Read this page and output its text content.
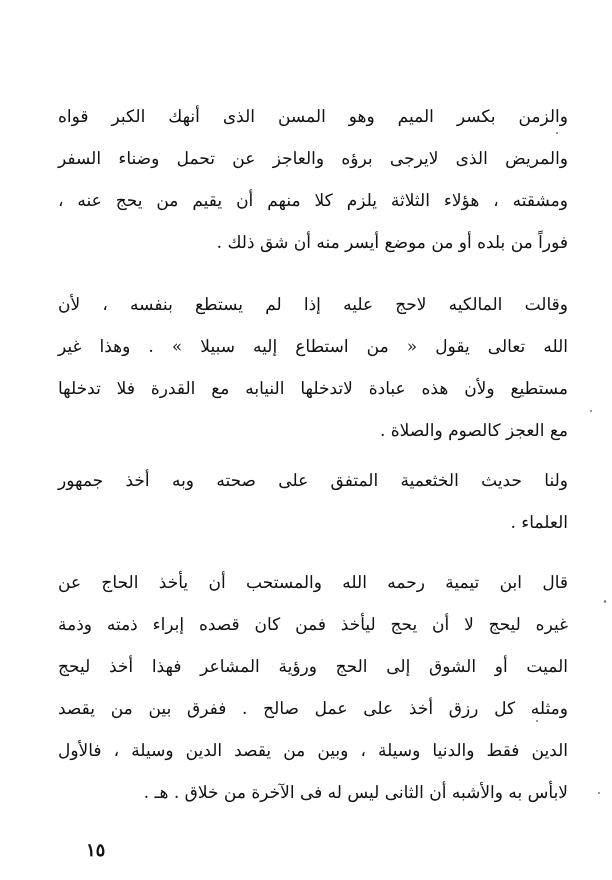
والزمن بكسر الميم وهو المسن الذى أنهك الكبر قواه
والمريض الذى لايرجى برؤه والعاجز عن تحمل وضناء السفر
ومشقته ، هؤلاء الثلاثة يلزم كلا منهم أن يقيم من يحج عنه ،
فوراً من بلده أو من موضع أيسر منه أن شق ذلك .
وقالت المالكيه لاحج عليه إذا لم يستطع بنفسه ، لأن
الله تعالى يقول « من استطاع إليه سبيلا » . وهذا غير
مستطيع ولأن هذه عبادة لاتدخلها النيابه مع القدرة فلا تدخلها
مع العجز كالصوم والصلاة .
ولنا حديث الخثعمية المتفق على صحته وبه أخذ جمهور
العلماء .
قال ابن تيمية رحمه الله والمستحب أن يأخذ الحاج عن
غيره ليحج لا أن يحج ليأخذ فمن كان قصده إبراء ذمته وذمة
الميت أو الشوق إلى الحج ورؤية المشاعر فهذا أخذ ليحج
ومثله كل رزق أخذ على عمل صالح . ففرق بين من يقصد
الدين فقط والدنيا وسيلة ، وبين من يقصد الدين وسيلة ، فالأول
لابأس به والأشبه أن الثانى ليس له فى الآخرة من خلاق . هـ .
١٥
